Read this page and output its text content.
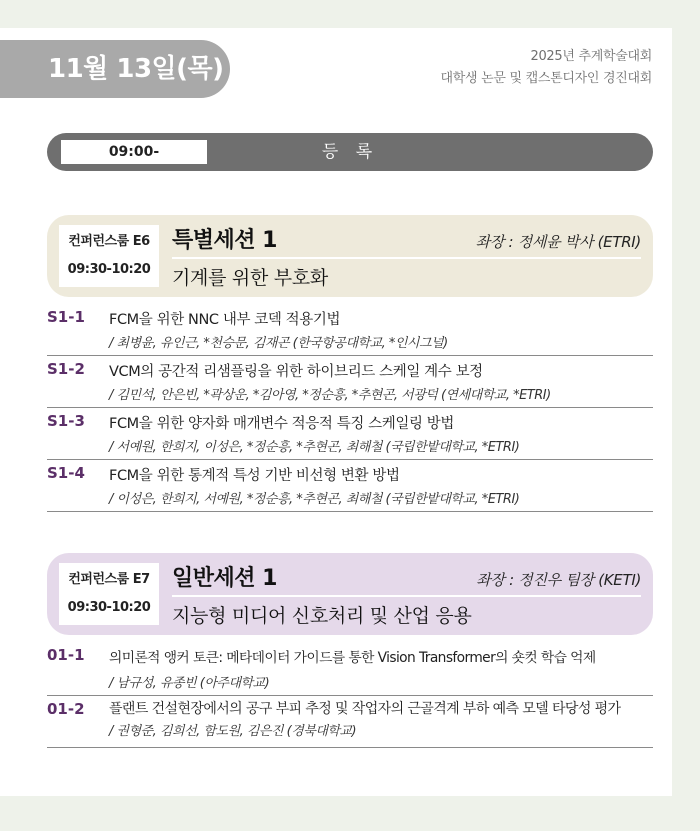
11월 13일(목)	2025년 추계학술대회
대학생 논문 및 캡스톤디자인 경진대회
등 록
09:00-
컨퍼런스룸 E6
09:30-10:20
특별세션 1	좌장 : 정세윤 박사 (ETRI)
기계를 위한 부호화
S1-1 FCM을 위한 NNC 내부 코덱 적용기법
/ 최병윤, 유인근, *천승문, 김재곤 (한국항공대학교, *인시그널)
S1-2 VCM의 공간적 리샘플링을 위한 하이브리드 스케일 계수 보정
/ 김민석, 안은빈, *곽상운, *김아영, *정순흥, *추현곤, 서광덕 (연세대학교, *ETRI)
S1-3 FCM을 위한 양자화 매개변수 적응적 특징 스케일링 방법
/ 서예원, 한희지, 이성은, *정순흥, *추현곤, 최해철 (국립한밭대학교, *ETRI)
S1-4 FCM을 위한 통계적 특성 기반 비선형 변환 방법
/ 이성은, 한희지, 서예원, *정순흥, *추현곤, 최해철 (국립한밭대학교, *ETRI)
컨퍼런스룸 E7
09:30-10:20
일반세션 1	좌장 : 정진우 팀장 (KETI)
지능형 미디어 신호처리 및 산업 응용
01-1 의미론적 앵커 토큰: 메타데이터 가이드를 통한 Vision Transformer의 숏컷 학습 억제
/ 남규성, 유종빈 (아주대학교)
01-2 플랜트 건설현장에서의 공구 부피 추정 및 작업자의 근골격계 부하 예측 모델 타당성 평가 / 권형준, 김희선, 함도원, 김은진 (경북대학교)
